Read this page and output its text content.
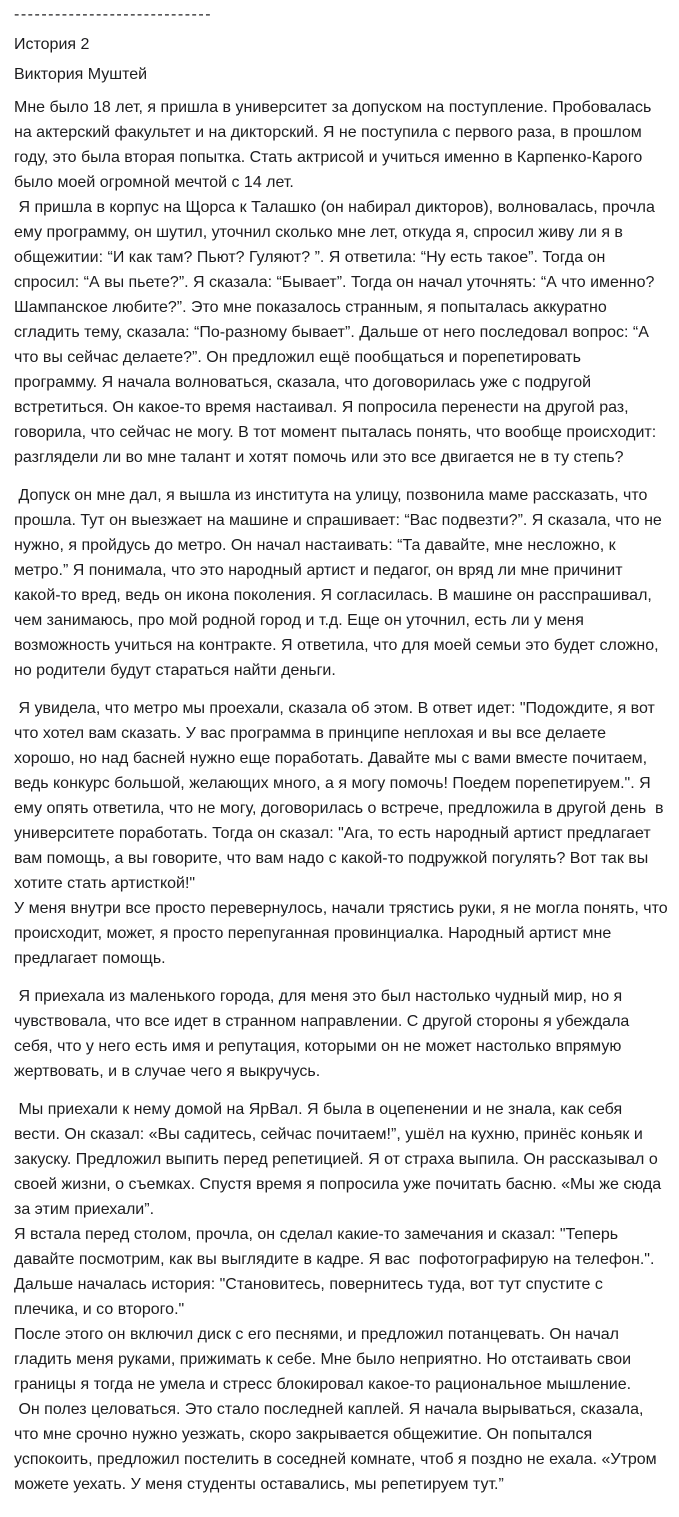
-----------------------------

История 2

Виктория Муштей

Мне было 18 лет, я пришла в университет за допуском на поступление. Пробовалась на актерский факультет и на дикторский. Я не поступила с первого раза, в прошлом году, это была вторая попытка. Стать актрисой и учиться именно в Карпенко-Карого было моей огромной мечтой с 14 лет.

Я пришла в корпус на Щорса к Талашко (он набирал дикторов), волновалась, прочла ему программу, он шутил, уточнил сколько мне лет, откуда я, спросил живу ли я в общежитии: “И как там? Пьют? Гуляют? ”. Я ответила: “Ну есть такое”. Тогда он спросил: “А вы пьете?”. Я сказала: “Бывает”. Тогда он начал уточнять: “А что именно? Шампанское любите?”. Это мне показалось странным, я попыталась аккуратно сгладить тему, сказала: “По-разному бывает”. Дальше от него последовал вопрос: “А что вы сейчас делаете?”. Он предложил ещё пообщаться и порепетировать программу. Я начала волноваться, сказала, что договорилась уже с подругой встретиться. Он какое-то время настаивал. Я попросила перенести на другой раз, говорила, что сейчас не могу. В тот момент пыталась понять, что вообще происходит: разглядели ли во мне талант и хотят помочь или это все двигается не в ту степь?

Допуск он мне дал, я вышла из института на улицу, позвонила маме рассказать, что прошла. Тут он выезжает на машине и спрашивает: “Вас подвезти?”. Я сказала, что не нужно, я пройдусь до метро. Он начал настаивать: “Та давайте, мне несложно, к метро.” Я понимала, что это народный артист и педагог, он вряд ли мне причинит какой-то вред, ведь он икона поколения. Я согласилась. В машине он расспрашивал, чем занимаюсь, про мой родной город и т.д. Еще он уточнил, есть ли у меня возможность учиться на контракте. Я ответила, что для моей семьи это будет сложно, но родители будут стараться найти деньги.

Я увидела, что метро мы проехали, сказала об этом. В ответ идет: "Подождите, я вот что хотел вам сказать. У вас программа в принципе неплохая и вы все делаете хорошо, но над басней нужно еще поработать. Давайте мы с вами вместе почитаем, ведь конкурс большой, желающих много, а я могу помочь! Поедем порепетируем.". Я ему опять ответила, что не могу, договорилась о встрече, предложила в другой день  в университете поработать. Тогда он сказал: "Ага, то есть народный артист предлагает вам помощь, а вы говорите, что вам надо с какой-то подружкой погулять? Вот так вы хотите стать артисткой!"

У меня внутри все просто перевернулось, начали трястись руки, я не могла понять, что происходит, может, я просто перепуганная провинциалка. Народный артист мне предлагает помощь.

Я приехала из маленького города, для меня это был настолько чудный мир, но я чувствовала, что все идет в странном направлении. С другой стороны я убеждала себя, что у него есть имя и репутация, которыми он не может настолько впрямую жертвовать, и в случае чего я выкручусь.

Мы приехали к нему домой на ЯрВал. Я была в оцепенении и не знала, как себя вести. Он сказал: «Вы садитесь, сейчас почитаем!”, ушёл на кухню, принёс коньяк и закуску. Предложил выпить перед репетицией. Я от страха выпила. Он рассказывал о своей жизни, о съемках. Спустя время я попросила уже почитать басню. «Мы же сюда за этим приехали”.

Я встала перед столом, прочла, он сделал какие-то замечания и сказал: "Теперь давайте посмотрим, как вы выглядите в кадре. Я вас  пофотографирую на телефон.". Дальше началась история: "Становитесь, повернитесь туда, вот тут спустите с плечика, и со второго."

После этого он включил диск с его песнями, и предложил потанцевать. Он начал гладить меня руками, прижимать к себе. Мне было неприятно. Но отстаивать свои границы я тогда не умела и стресс блокировал какое-то рациональное мышление.

Он полез целоваться. Это стало последней каплей. Я начала вырываться, сказала, что мне срочно нужно уезжать, скоро закрывается общежитие. Он попытался успокоить, предложил постелить в соседней комнате, чтоб я поздно не ехала. «Утром можете уехать. У меня студенты оставались, мы репетируем тут.”
